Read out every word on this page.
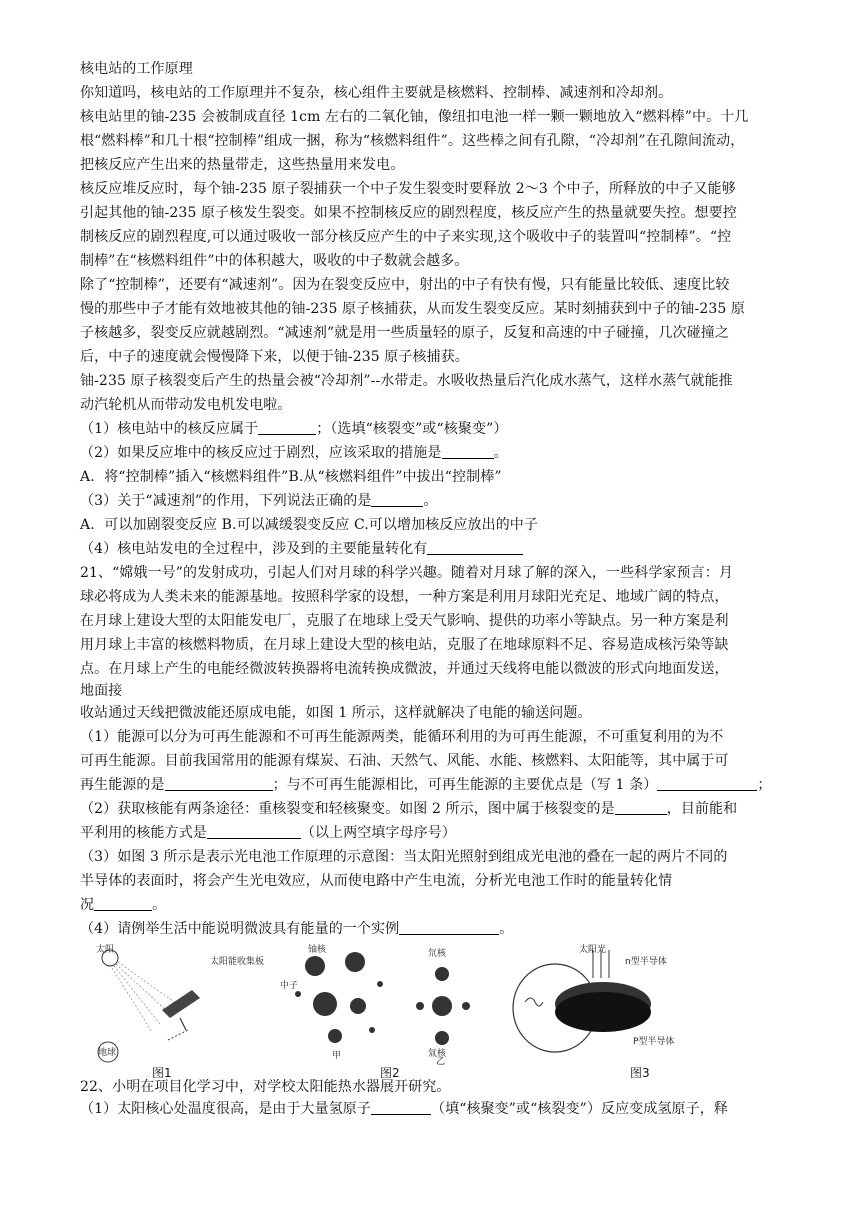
核电站的工作原理
你知道吗，核电站的工作原理并不复杂，核心组件主要就是核燃料、控制棒、减速剂和冷却剂。
核电站里的铀-235 会被制成直径 1cm 左右的二氧化铀，像纽扣电池一样一颗一颗地放入“燃料棒”中。十几
根“燃料棒”和几十根“控制棒”组成一捆，称为“核燃料组件”。这些棒之间有孔隙，“冷却剂”在孔隙间流动，
把核反应产生出来的热量带走，这些热量用来发电。
核反应堆反应时，每个铀-235 原子裂捕获一个中子发生裂变时要释放 2～3 个中子，所释放的中子又能够
引起其他的铀-235 原子核发生裂变。如果不控制核反应的剧烈程度，核反应产生的热量就要失控。想要控
制核反应的剧烈程度,可以通过吸收一部分核反应产生的中子来实现,这个吸收中子的装置叫“控制棒”。“控
制棒”在“核燃料组件”中的体积越大，吸收的中子数就会越多。
除了“控制棒”，还要有“减速剂”。因为在裂变反应中，射出的中子有快有慢，只有能量比较低、速度比较
慢的那些中子才能有效地被其他的铀-235 原子核捕获，从而发生裂变反应。某时刻捕获到中子的铀-235 原
子核越多，裂变反应就越剧烈。“减速剂”就是用一些质量轻的原子，反复和高速的中子碰撞，几次碰撞之
后，中子的速度就会慢慢降下来，以便于铀-235 原子核捕获。
铀-235 原子核裂变后产生的热量会被“冷却剂”--水带走。水吸收热量后汽化成水蒸气，这样水蒸气就能推
动汽轮机从而带动发电机发电啦。
（1）核电站中的核反应属于	；（选填“核裂变”或“核聚变”）
（2）如果反应堆中的核反应过于剧烈，应该采取的措施是	。
A．将“控制棒”插入“核燃料组件”B.从“核燃料组件”中拔出“控制棒”
（3）关于“减速剂”的作用，下列说法正确的是	。
A．可以加剧裂变反应 B.可以减缓裂变反应 C.可以增加核反应放出的中子
（4）核电站发电的全过程中，涉及到的主要能量转化有
21、“嫦娥一号”的发射成功，引起人们对月球的科学兴趣。随着对月球了解的深入，一些科学家预言：月
球必将成为人类未来的能源基地。按照科学家的设想，一种方案是利用月球阳光充足、地域广阔的特点，
在月球上建设大型的太阳能发电厂，克服了在地球上受天气影响、提供的功率小等缺点。另一种方案是利
用月球上丰富的核燃料物质，在月球上建设大型的核电站，克服了在地球原料不足、容易造成核污染等缺
点。在月球上产生的电能经微波转换器将电流转换成微波，并通过天线将电能以微波的形式向地面发送，
地面接
收站通过天线把微波能还原成电能，如图 1 所示，这样就解决了电能的输送问题。
（1）能源可以分为可再生能源和不可再生能源两类，能循环利用的为可再生能源，不可重复利用的为不
可再生能源。目前我国常用的能源有煤炭、石油、天然气、风能、水能、核燃料、太阳能等，其中属于可
再生能源的是	；与不可再生能源相比，可再生能源的主要优点是（写 1 条）	；
（2）获取核能有两条途径：重核裂变和轻核聚变。如图 2 所示，图中属于核裂变的是	，目前能和
平利用的核能方式是	（以上两空填字母序号）
（3）如图 3 所示是表示光电池工作原理的示意图：当太阳光照射到组成光电池的叠在一起的两片不同的
半导体的表面时，将会产生光电效应，从而使电路中产生电流，分析光电池工作时的能量转化情
况	。
太阳能收集板
太阳
地球
图1
铀核
中子
氘核
氚核
甲
乙
图2
太阳光
n型半导体
P型半导体
图3
22、小明在项目化学习中，对学校太阳能热水器展开研究。
（1）太阳核心处温度很高，是由于大量氢原子	（填“核聚变”或“核裂变”）反应变成氢原子，释
（4）请例举生活中能说明微波具有能量的一个实例	。
